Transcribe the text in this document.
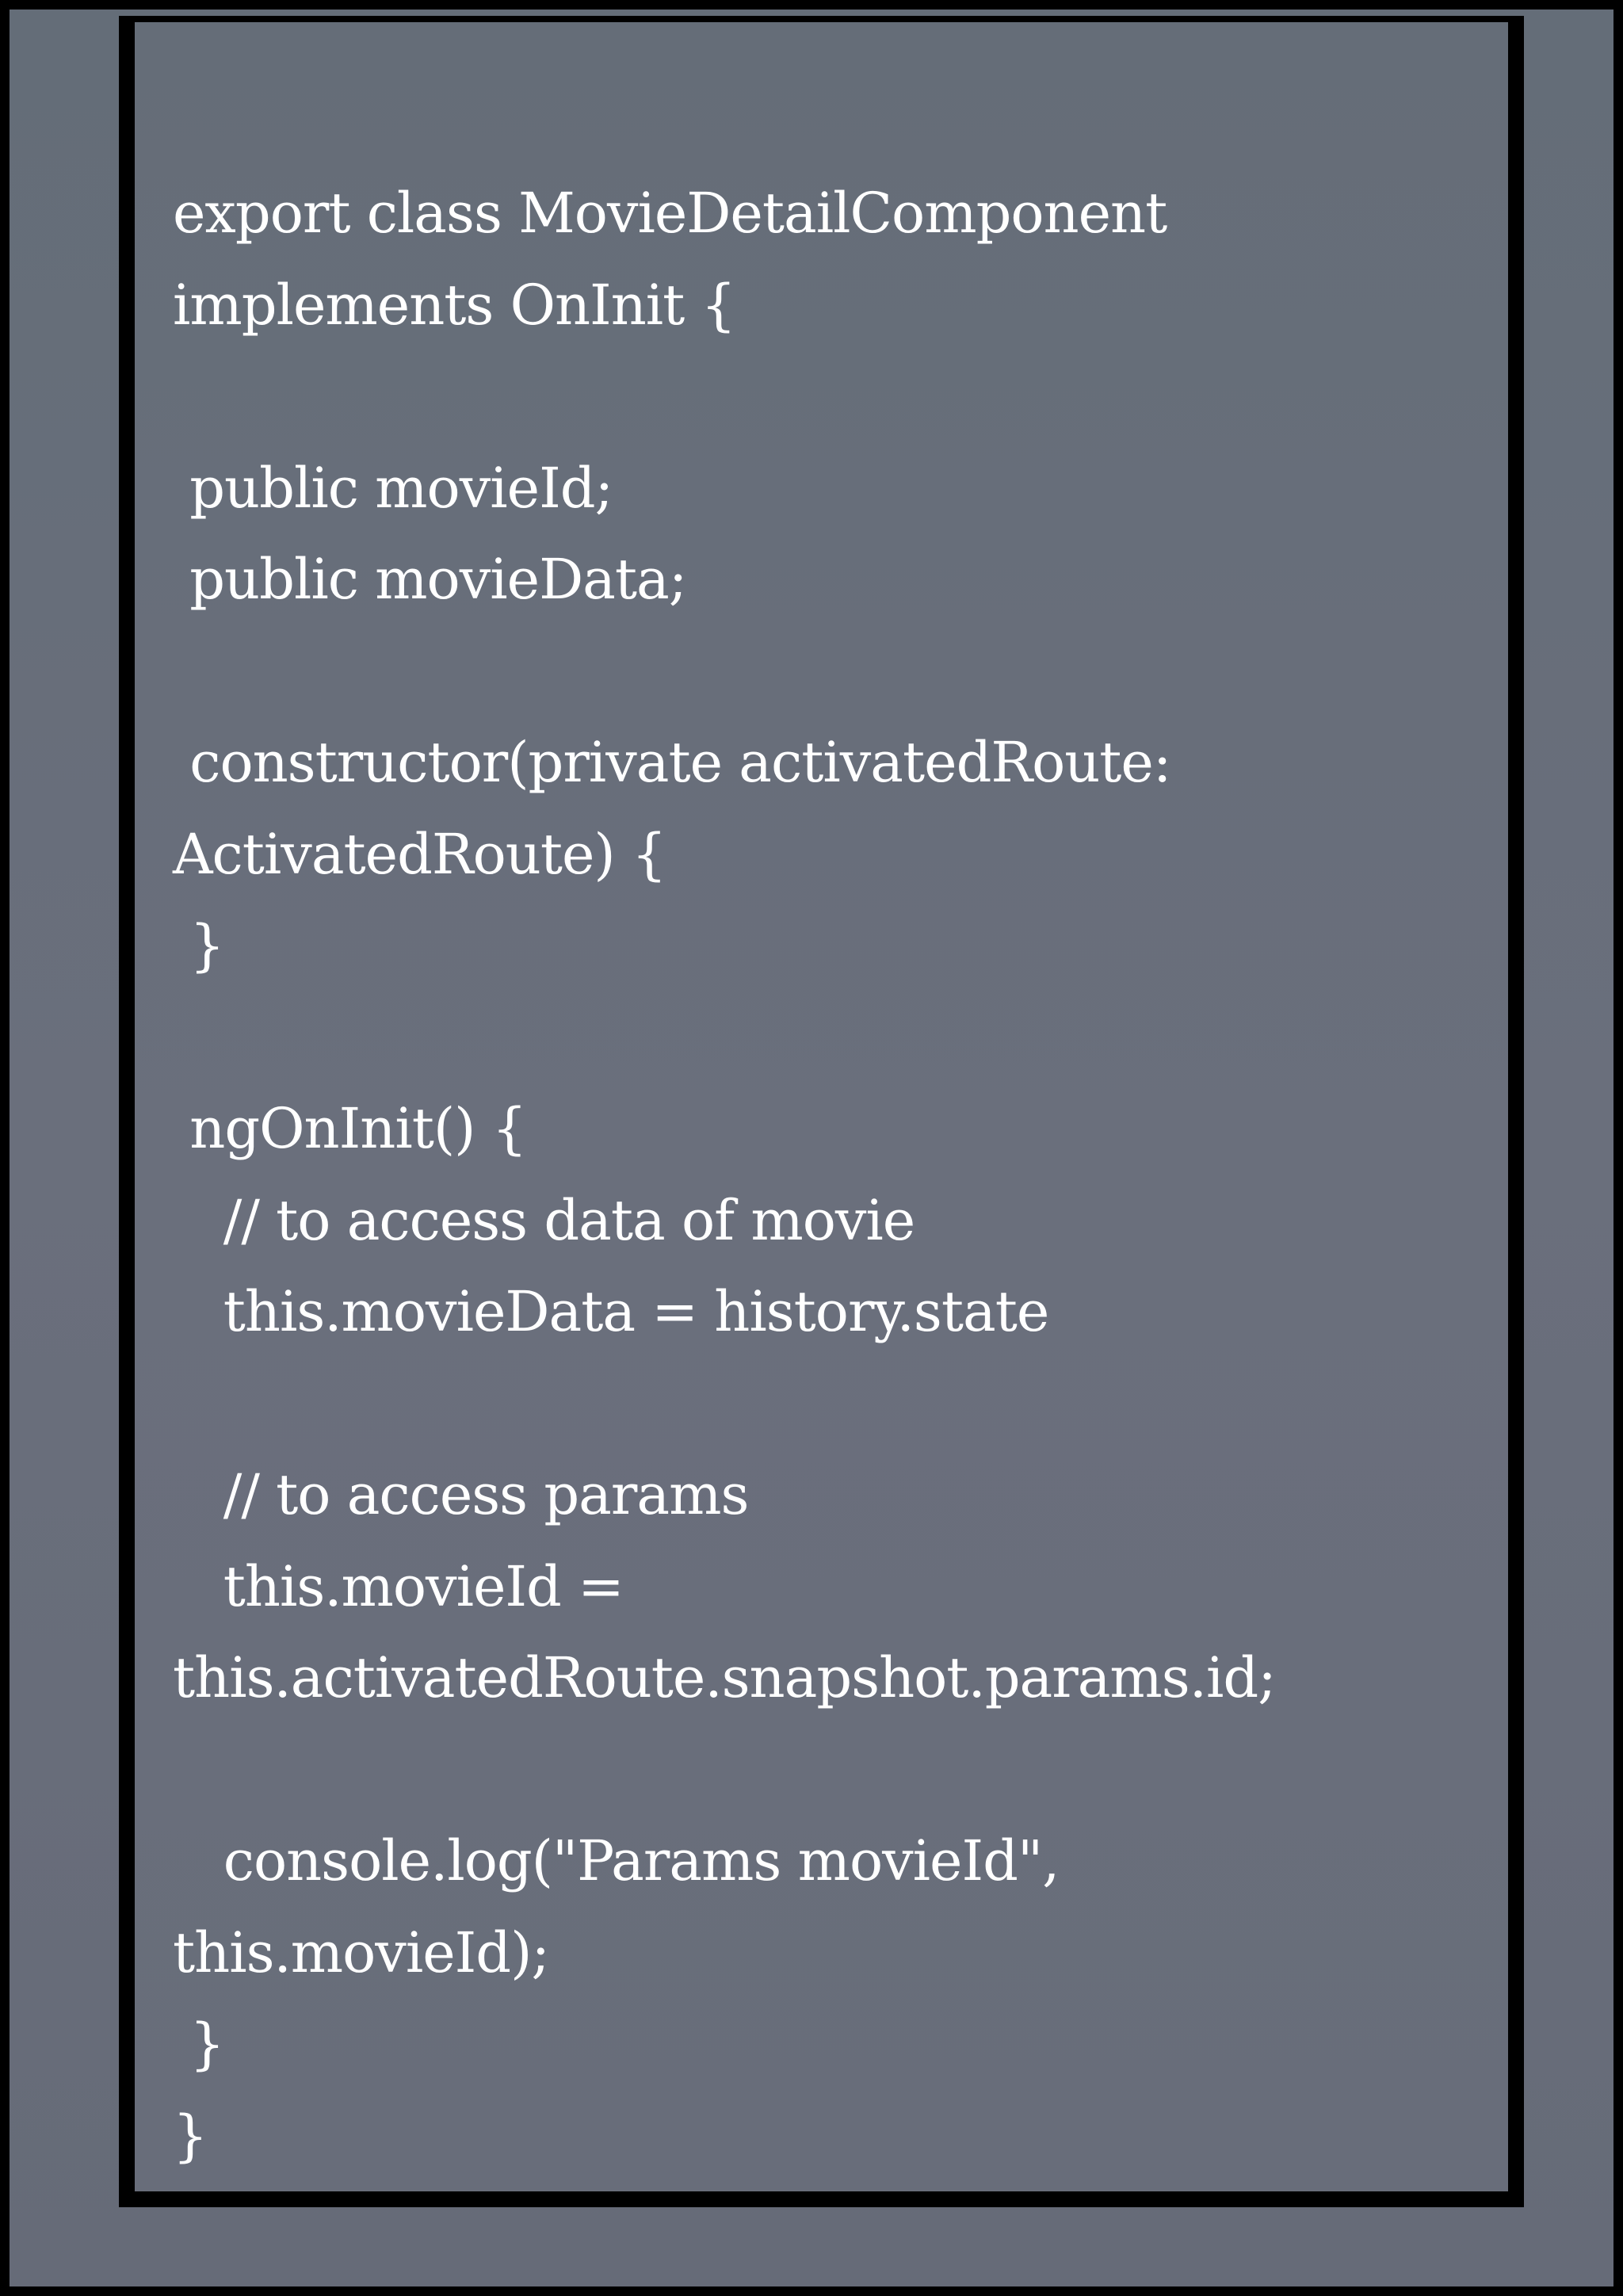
export class MovieDetailComponent
implements OnInit {
public movieId;
public movieData;
constructor(private activatedRoute:
ActivatedRoute) {
}
ngOnInit() {
// to access data of movie
this.movieData = history.state
// to access params
this.movieId =
this.activatedRoute.snapshot.params.id;
console.log("Params movieId",
this.movieId);
}
}
